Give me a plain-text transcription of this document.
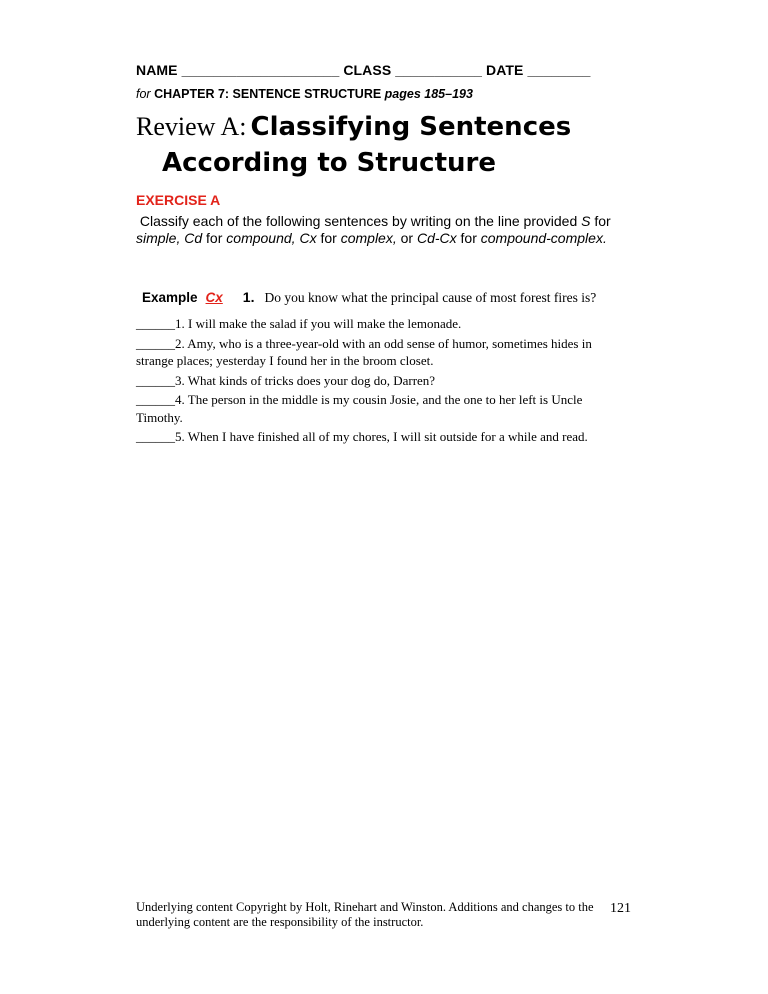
NAME ____________________ CLASS ___________ DATE ________
for CHAPTER 7: SENTENCE STRUCTURE pages 185–193
Review A: Classifying Sentences
According to Structure
EXERCISE A
Classify each of the following sentences by writing on the line provided S for simple, Cd for compound, Cx for complex, or Cd-Cx for compound-complex.
Example Cx 1. Do you know what the principal cause of most forest fires is?
______1. I will make the salad if you will make the lemonade.
______2. Amy, who is a three-year-old with an odd sense of humor, sometimes hides in strange places; yesterday I found her in the broom closet.
______3. What kinds of tricks does your dog do, Darren?
______4. The person in the middle is my cousin Josie, and the one to her left is Uncle Timothy.
______5. When I have finished all of my chores, I will sit outside for a while and read.
Underlying content Copyright by Holt, Rinehart and Winston. Additions and changes to the underlying content are the responsibility of the instructor.
121
